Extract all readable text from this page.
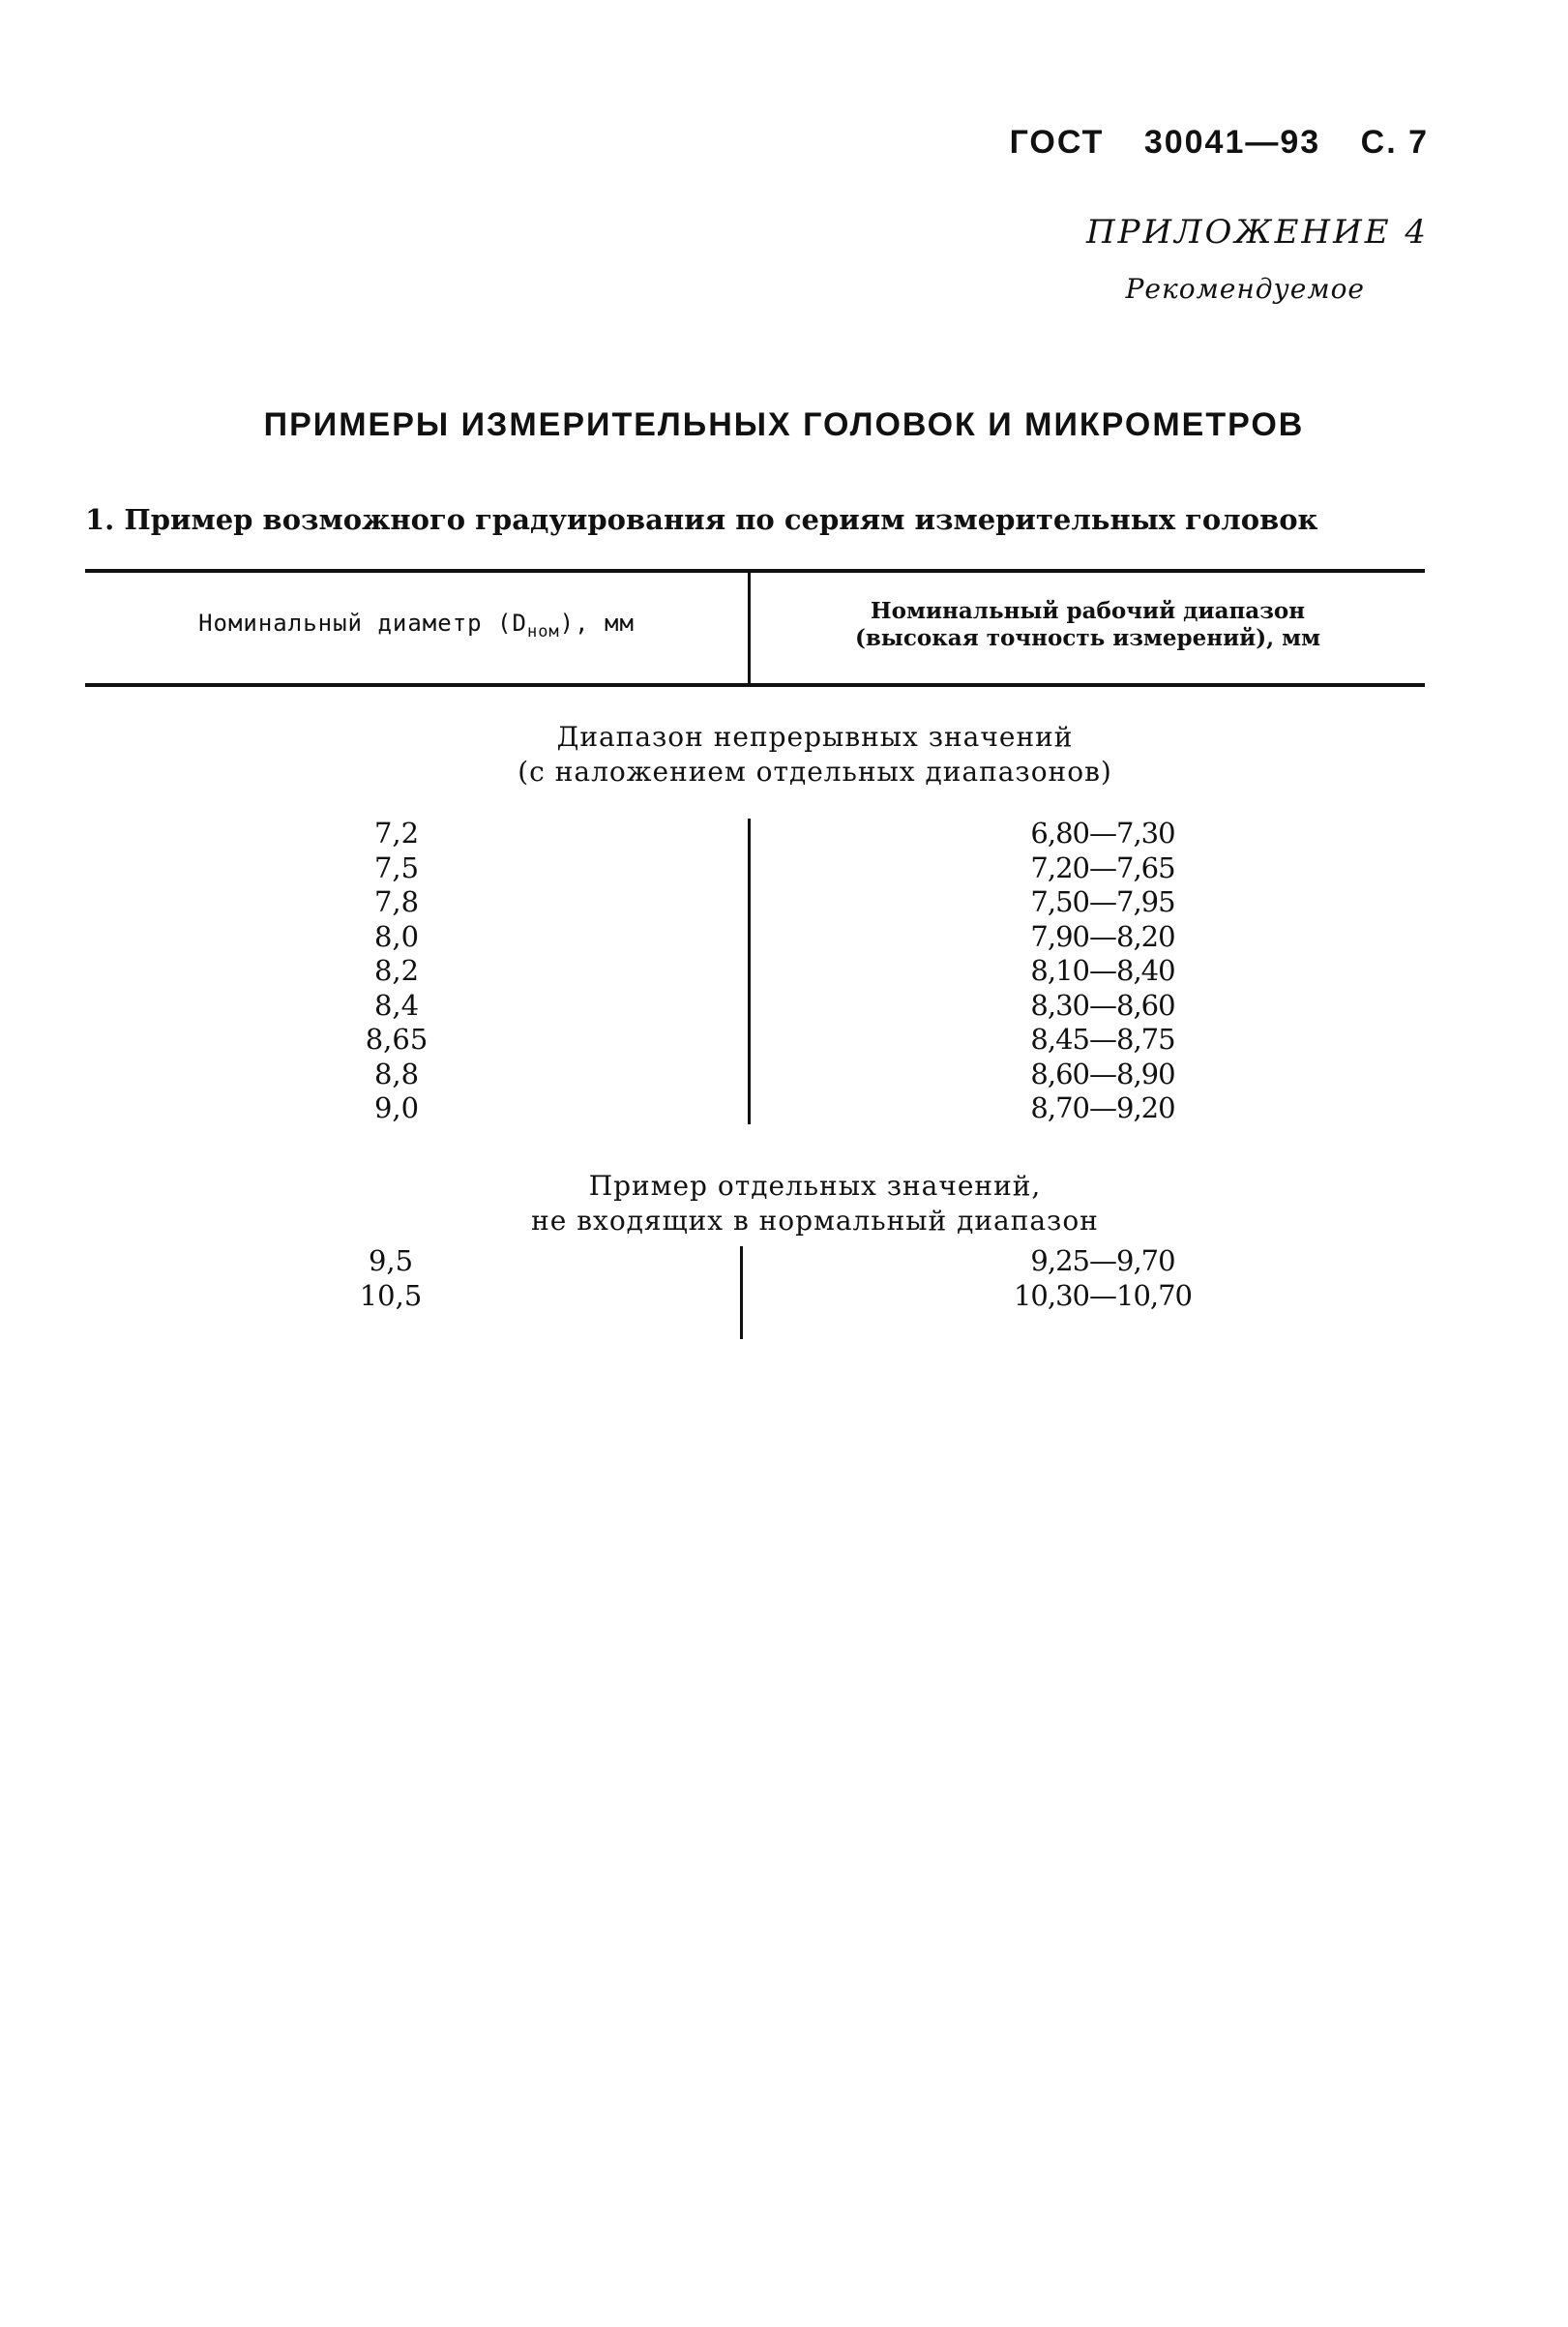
ГОСТ 30041—93 С. 7
ПРИЛОЖЕНИЕ 4
Рекомендуемое
ПРИМЕРЫ ИЗМЕРИТЕЛЬНЫХ ГОЛОВОК И МИКРОМЕТРОВ
1. Пример возможного градуирования по сериям измерительных головок
Номинальный диаметр $(D_{ном})$, мм	Номинальный рабочий диапазон
(высокая точность измерений), мм
Диапазон непрерывных значений
(с наложением отдельных диапазонов)
7,2	6,80—7,30
7,5	7,20—7,65
7,8	7,50—7,95
8,0	7,90—8,20
8,2	8,10—8,40
8,4	8,30—8,60
8,65	8,45—8,75
8,8	8,60—8,90
9,0	8,70—9,20
Пример отдельных значений,
не входящих в нормальный диапазон
9,5	9,25—9,70
10,5	10,30—10,70
